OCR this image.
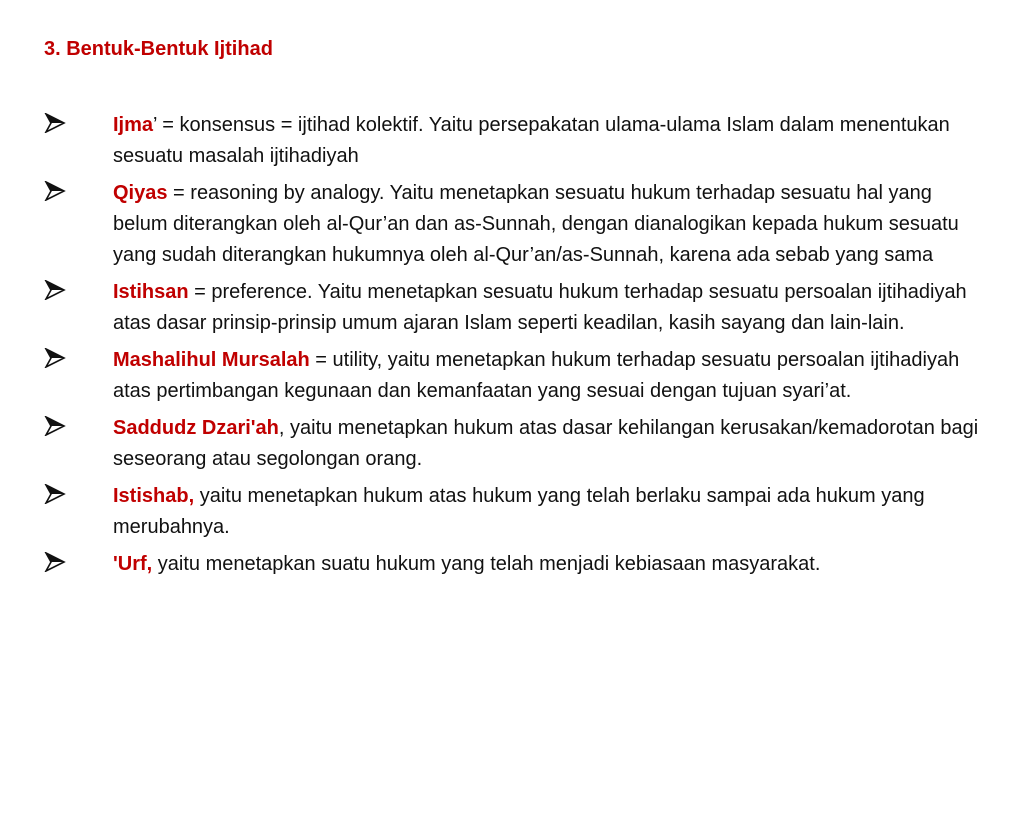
3. Bentuk-Bentuk Ijtihad
Ijma’ = konsensus = ijtihad kolektif. Yaitu persepakatan ulama-ulama Islam dalam menentukan sesuatu masalah ijtihadiyah
Qiyas = reasoning by analogy. Yaitu menetapkan sesuatu hukum terhadap sesuatu hal yang belum diterangkan oleh al-Qur’an dan as-Sunnah, dengan dianalogikan kepada hukum sesuatu yang sudah diterangkan hukumnya oleh al-Qur’an/as-Sunnah, karena ada sebab yang sama
Istihsan = preference. Yaitu menetapkan sesuatu hukum terhadap sesuatu persoalan ijtihadiyah atas dasar prinsip-prinsip umum ajaran Islam seperti keadilan, kasih sayang dan lain-lain.
Mashalihul Mursalah = utility, yaitu menetapkan hukum terhadap sesuatu persoalan ijtihadiyah atas pertimbangan kegunaan dan kemanfaatan yang sesuai dengan tujuan syari’at.
Saddudz Dzari'ah, yaitu menetapkan hukum atas dasar kehilangan kerusakan/kemadorotan bagi seseorang atau segolongan orang.
Istishab, yaitu menetapkan hukum atas hukum yang telah berlaku sampai ada hukum yang merubahnya.
'Urf, yaitu menetapkan suatu hukum yang telah menjadi kebiasaan masyarakat.
